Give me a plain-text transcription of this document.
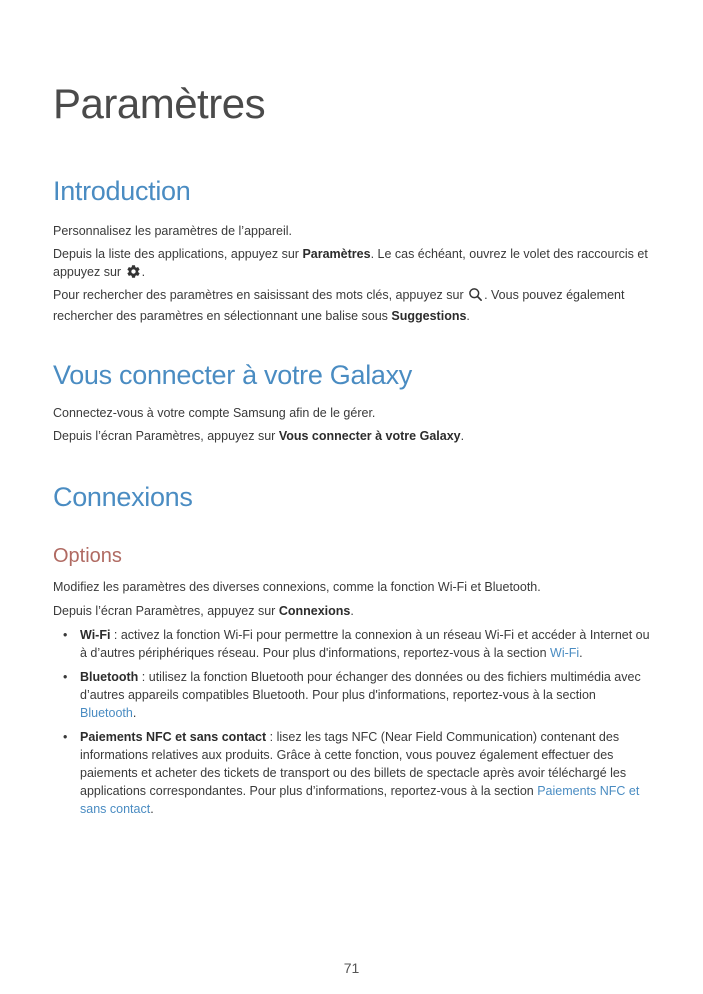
Paramètres
Introduction

Personnalisez les paramètres de l’appareil.

Depuis la liste des applications, appuyez sur Paramètres. Le cas échéant, ouvrez le volet des raccourcis et appuyez sur .

Pour rechercher des paramètres en saisissant des mots clés, appuyez sur . Vous pouvez également rechercher des paramètres en sélectionnant une balise sous Suggestions.

Vous connecter à votre Galaxy

Connectez-vous à votre compte Samsung afin de le gérer.

Depuis l’écran Paramètres, appuyez sur Vous connecter à votre Galaxy.

Connexions
Options

Modifiez les paramètres des diverses connexions, comme la fonction Wi-Fi et Bluetooth.

Depuis l’écran Paramètres, appuyez sur Connexions.

• Wi-Fi : activez la fonction Wi-Fi pour permettre la connexion à un réseau Wi-Fi et accéder à Internet ou à d’autres périphériques réseau. Pour plus d'informations, reportez-vous à la section Wi-Fi.
• Bluetooth : utilisez la fonction Bluetooth pour échanger des données ou des fichiers multimédia avec d’autres appareils compatibles Bluetooth. Pour plus d'informations, reportez-vous à la section Bluetooth.
• Paiements NFC et sans contact : lisez les tags NFC (Near Field Communication) contenant des informations relatives aux produits. Grâce à cette fonction, vous pouvez également effectuer des paiements et acheter des tickets de transport ou des billets de spectacle après avoir téléchargé les applications correspondantes. Pour plus d’informations, reportez-vous à la section Paiements NFC et sans contact.
71
